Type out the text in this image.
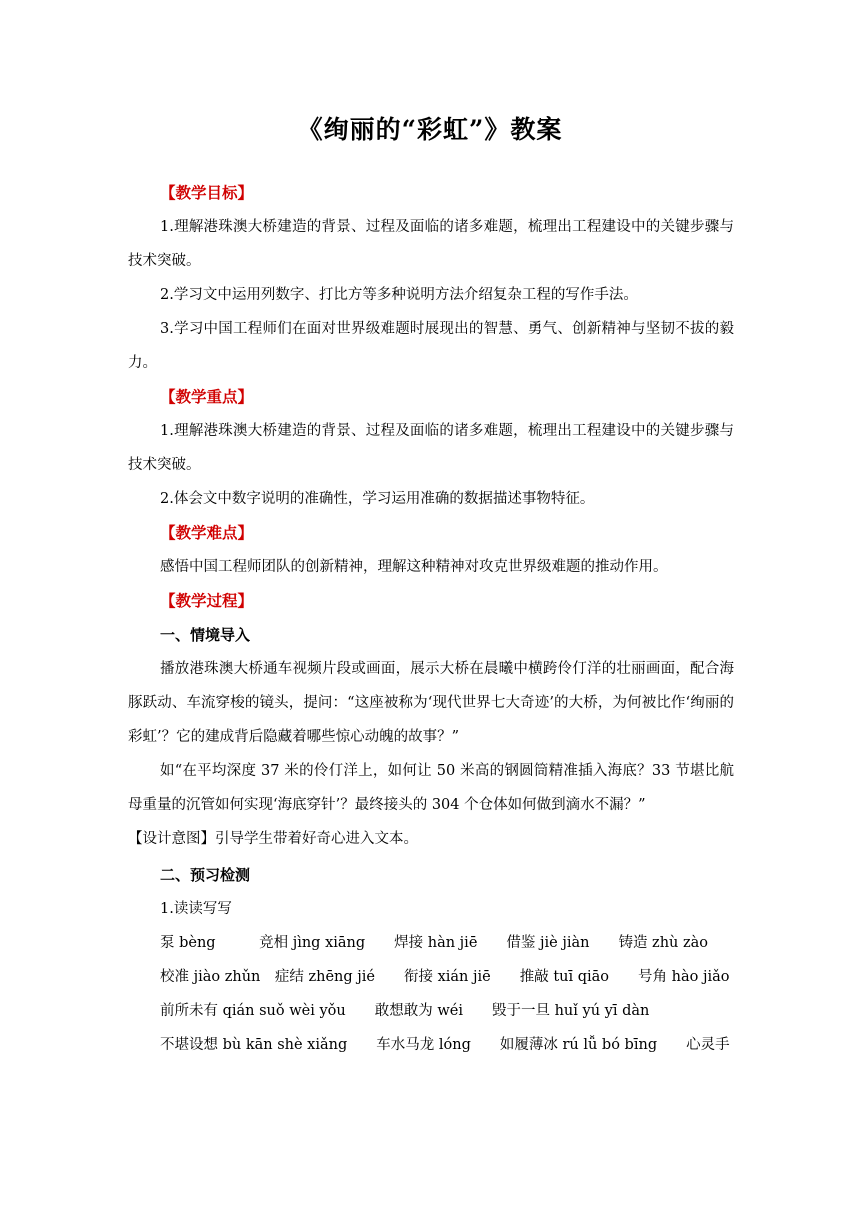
《绚丽的“彩虹”》教案
【教学目标】

1.理解港珠澳大桥建造的背景、过程及面临的诸多难题，梳理出工程建设中的关键步骤与技术突破。

2.学习文中运用列数字、打比方等多种说明方法介绍复杂工程的写作手法。

3.学习中国工程师们在面对世界级难题时展现出的智慧、勇气、创新精神与坚韧不拔的毅力。

【教学重点】

1.理解港珠澳大桥建造的背景、过程及面临的诸多难题，梳理出工程建设中的关键步骤与技术突破。

2.体会文中数字说明的准确性，学习运用准确的数据描述事物特征。

【教学难点】

感悟中国工程师团队的创新精神，理解这种精神对攻克世界级难题的推动作用。

【教学过程】
一、情境导入

播放港珠澳大桥通车视频片段或画面，展示大桥在晨曦中横跨伶仃洋的壮丽画面，配合海豚跃动、车流穿梭的镜头，提问：“这座被称为‘现代世界七大奇迹’的大桥，为何被比作‘绚丽的彩虹’？它的建成背后隐藏着哪些惊心动魄的故事？”

如“在平均深度 37 米的伶仃洋上，如何让 50 米高的钢圆筒精准插入海底？33 节堪比航母重量的沉管如何实现‘海底穿针’？最终接头的 304 个仓体如何做到滴水不漏？”

【设计意图】引导学生带着好奇心进入文本。

二、预习检测

1.读读写写

泵 bèng　　　竞相 jìng xiāng　　焊接 hàn jiē　　借鉴 jiè jiàn　　铸造 zhù zào

校准 jiào zhǔn　症结 zhēng jié　　衔接 xián jiē　　推敲 tuī qiāo　　号角 hào jiǎo

前所未有 qián suǒ wèi yǒu　　敢想敢为 wéi　　毁于一旦 huǐ yú yī dàn

不堪设想 bù kān shè xiǎng　　车水马龙 lóng　　如履薄冰 rú lǚ bó bīng　　心灵手
